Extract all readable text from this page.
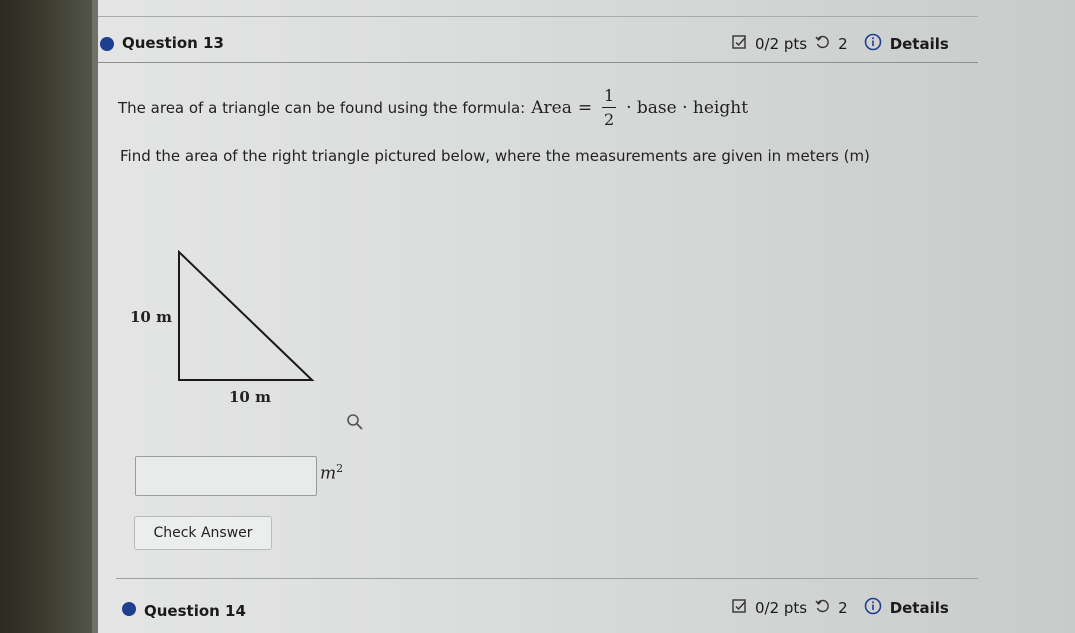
Question 13	0/2 pts 2	Details
The area of a triangle can be found using the formula: Area = $\frac{1}{2}$ · base · height
Find the area of the right triangle pictured below, where the measurements are given in meters (m)
10 m
10 m
$m^2$
Check Answer
Question 14	0/2 pts 2	Details
